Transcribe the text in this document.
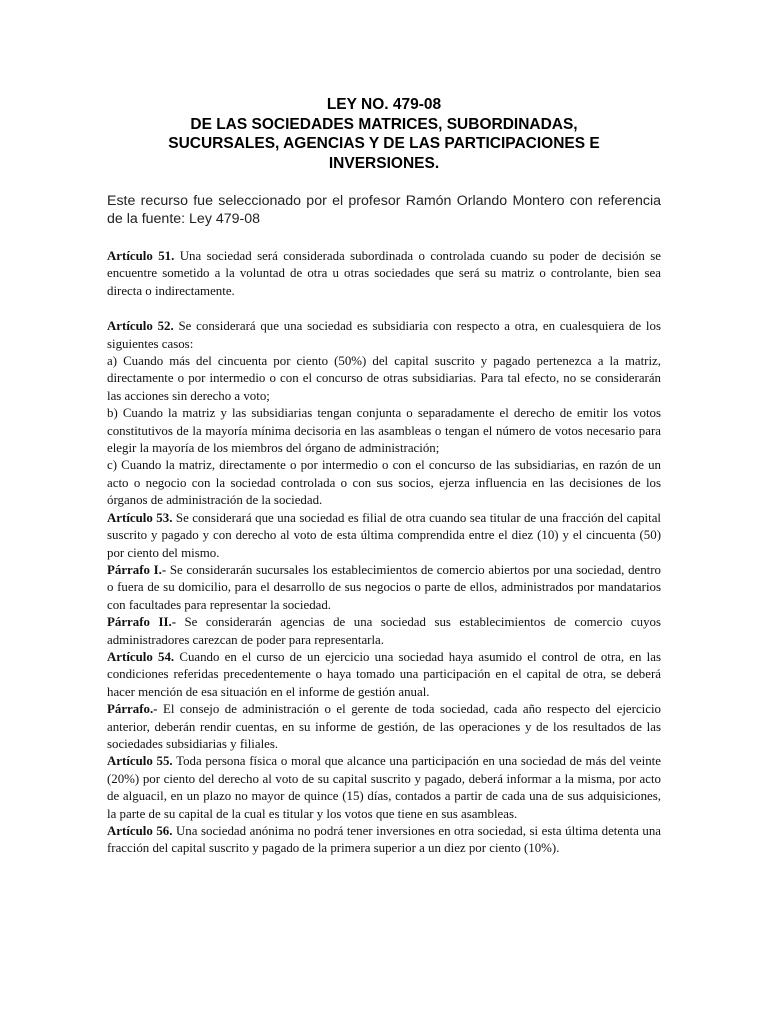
LEY NO. 479-08
DE LAS SOCIEDADES MATRICES, SUBORDINADAS,
SUCURSALES, AGENCIAS Y DE LAS PARTICIPACIONES E
INVERSIONES.

Este recurso fue seleccionado por el profesor Ramón Orlando Montero con referencia de la fuente: Ley 479-08

Artículo 51. Una sociedad será considerada subordinada o controlada cuando su poder de decisión se encuentre sometido a la voluntad de otra u otras sociedades que será su matriz o controlante, bien sea directa o indirectamente.

Artículo 52. Se considerará que una sociedad es subsidiaria con respecto a otra, en cualesquiera de los siguientes casos:

a) Cuando más del cincuenta por ciento (50%) del capital suscrito y pagado pertenezca a la matriz, directamente o por intermedio o con el concurso de otras subsidiarias. Para tal efecto, no se considerarán las acciones sin derecho a voto;

b) Cuando la matriz y las subsidiarias tengan conjunta o separadamente el derecho de emitir los votos constitutivos de la mayoría mínima decisoria en las asambleas o tengan el número de votos necesario para elegir la mayoría de los miembros del órgano de administración;

c) Cuando la matriz, directamente o por intermedio o con el concurso de las subsidiarias, en razón de un acto o negocio con la sociedad controlada o con sus socios, ejerza influencia en las decisiones de los órganos de administración de la sociedad.

Artículo 53. Se considerará que una sociedad es filial de otra cuando sea titular de una fracción del capital suscrito y pagado y con derecho al voto de esta última comprendida entre el diez (10) y el cincuenta (50) por ciento del mismo.

Párrafo I.- Se considerarán sucursales los establecimientos de comercio abiertos por una sociedad, dentro o fuera de su domicilio, para el desarrollo de sus negocios o parte de ellos, administrados por mandatarios con facultades para representar la sociedad.

Párrafo II.- Se considerarán agencias de una sociedad sus establecimientos de comercio cuyos administradores carezcan de poder para representarla.

Artículo 54. Cuando en el curso de un ejercicio una sociedad haya asumido el control de otra, en las condiciones referidas precedentemente o haya tomado una participación en el capital de otra, se deberá hacer mención de esa situación en el informe de gestión anual.

Párrafo.- El consejo de administración o el gerente de toda sociedad, cada año respecto del ejercicio anterior, deberán rendir cuentas, en su informe de gestión, de las operaciones y de los resultados de las sociedades subsidiarias y filiales.

Artículo 55. Toda persona física o moral que alcance una participación en una sociedad de más del veinte (20%) por ciento del derecho al voto de su capital suscrito y pagado, deberá informar a la misma, por acto de alguacil, en un plazo no mayor de quince (15) días, contados a partir de cada una de sus adquisiciones, la parte de su capital de la cual es titular y los votos que tiene en sus asambleas.

Artículo 56. Una sociedad anónima no podrá tener inversiones en otra sociedad, si esta última detenta una fracción del capital suscrito y pagado de la primera superior a un diez por ciento (10%).
